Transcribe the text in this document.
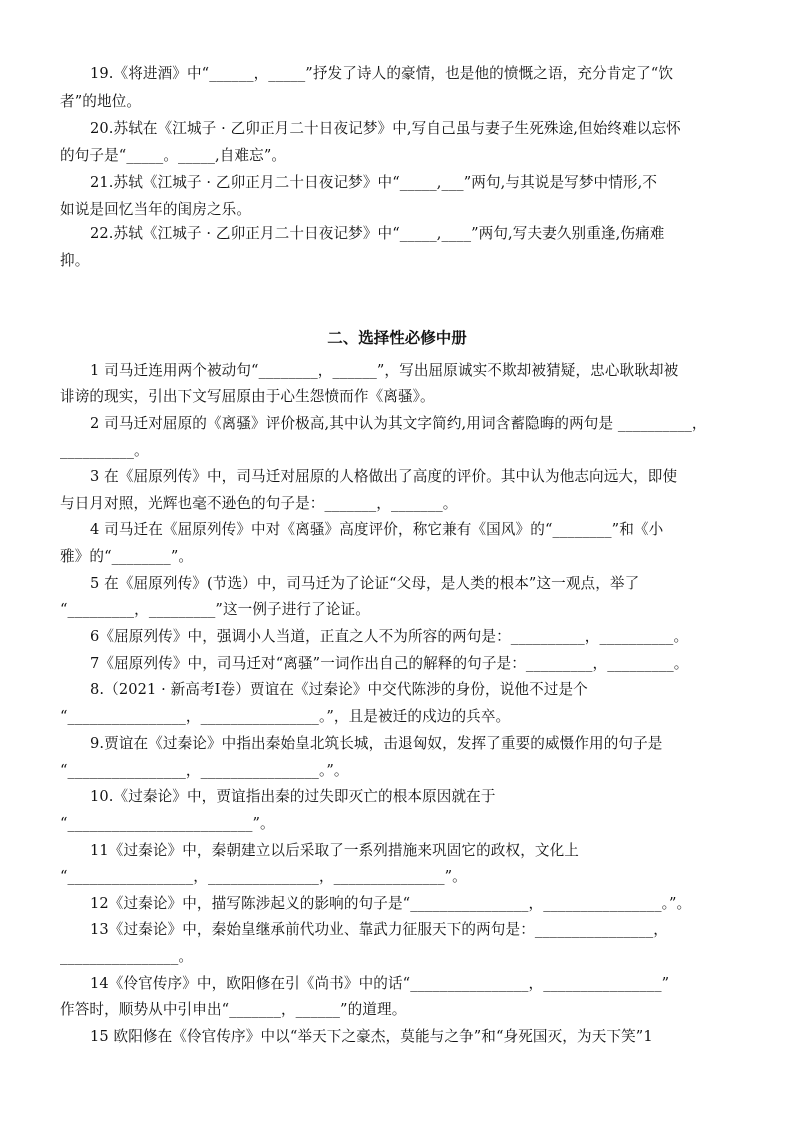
19.《将进酒》中“______，_____”抒发了诗人的豪情，也是他的愤慨之语，充分肯定了“饮
者”的地位。
20.苏轼在《江城子 · 乙卯正月二十日夜记梦》中,写自己虽与妻子生死殊途,但始终难以忘怀
的句子是“_____。_____,自难忘”。
21.苏轼《江城子 · 乙卯正月二十日夜记梦》中“_____,___”两句,与其说是写梦中情形,不
如说是回忆当年的闺房之乐。
22.苏轼《江城子 · 乙卯正月二十日夜记梦》中“_____,____”两句,写夫妻久别重逢,伤痛难
抑。
二、选择性必修中册
1 司马迁连用两个被动句“________，______”，写出屈原诚实不欺却被猜疑，忠心耿耿却被
诽谤的现实，引出下文写屈原由于心生怨愤而作《离骚》。
2 司马迁对屈原的《离骚》评价极高,其中认为其文字简约,用词含蓄隐晦的两句是 __________，
__________。
3 在《屈原列传》中，司马迁对屈原的人格做出了高度的评价。其中认为他志向远大，即使
与日月对照，光辉也毫不逊色的句子是：_______，_______。
4 司马迁在《屈原列传》中对《离骚》高度评价，称它兼有《国风》的“________”和《小
雅》的“________”。
5 在《屈原列传》(节选）中，司马迁为了论证“父母，是人类的根本”这一观点，举了
“_________，_________”这一例子进行了论证。
6《屈原列传》中，强调小人当道，正直之人不为所容的两句是：__________，__________。
7《屈原列传》中，司马迁对“离骚”一词作出自己的解释的句子是：_________，_________。
8.（2021 · 新高考Ⅰ卷）贾谊在《过秦论》中交代陈涉的身份，说他不过是个
“________________，________________。”，且是被迁的戍边的兵卒。
9.贾谊在《过秦论》中指出秦始皇北筑长城，击退匈奴，发挥了重要的威慑作用的句子是
“________________，________________。”。
10.《过秦论》中，贾谊指出秦的过失即灭亡的根本原因就在于
“_________________________”。
11《过秦论》中，秦朝建立以后采取了一系列措施来巩固它的政权，文化上
“_________________，_______________，_______________”。
12《过秦论》中，描写陈涉起义的影响的句子是“________________，________________。”。
13《过秦论》中，秦始皇继承前代功业、靠武力征服天下的两句是：________________，
________________。
14《伶官传序》中，欧阳修在引《尚书》中的话“________________，________________”
作答时，顺势从中引申出“_______，______”的道理。
15 欧阳修在《伶官传序》中以“举天下之豪杰，莫能与之争”和“身死国灭，为天下笑”1
